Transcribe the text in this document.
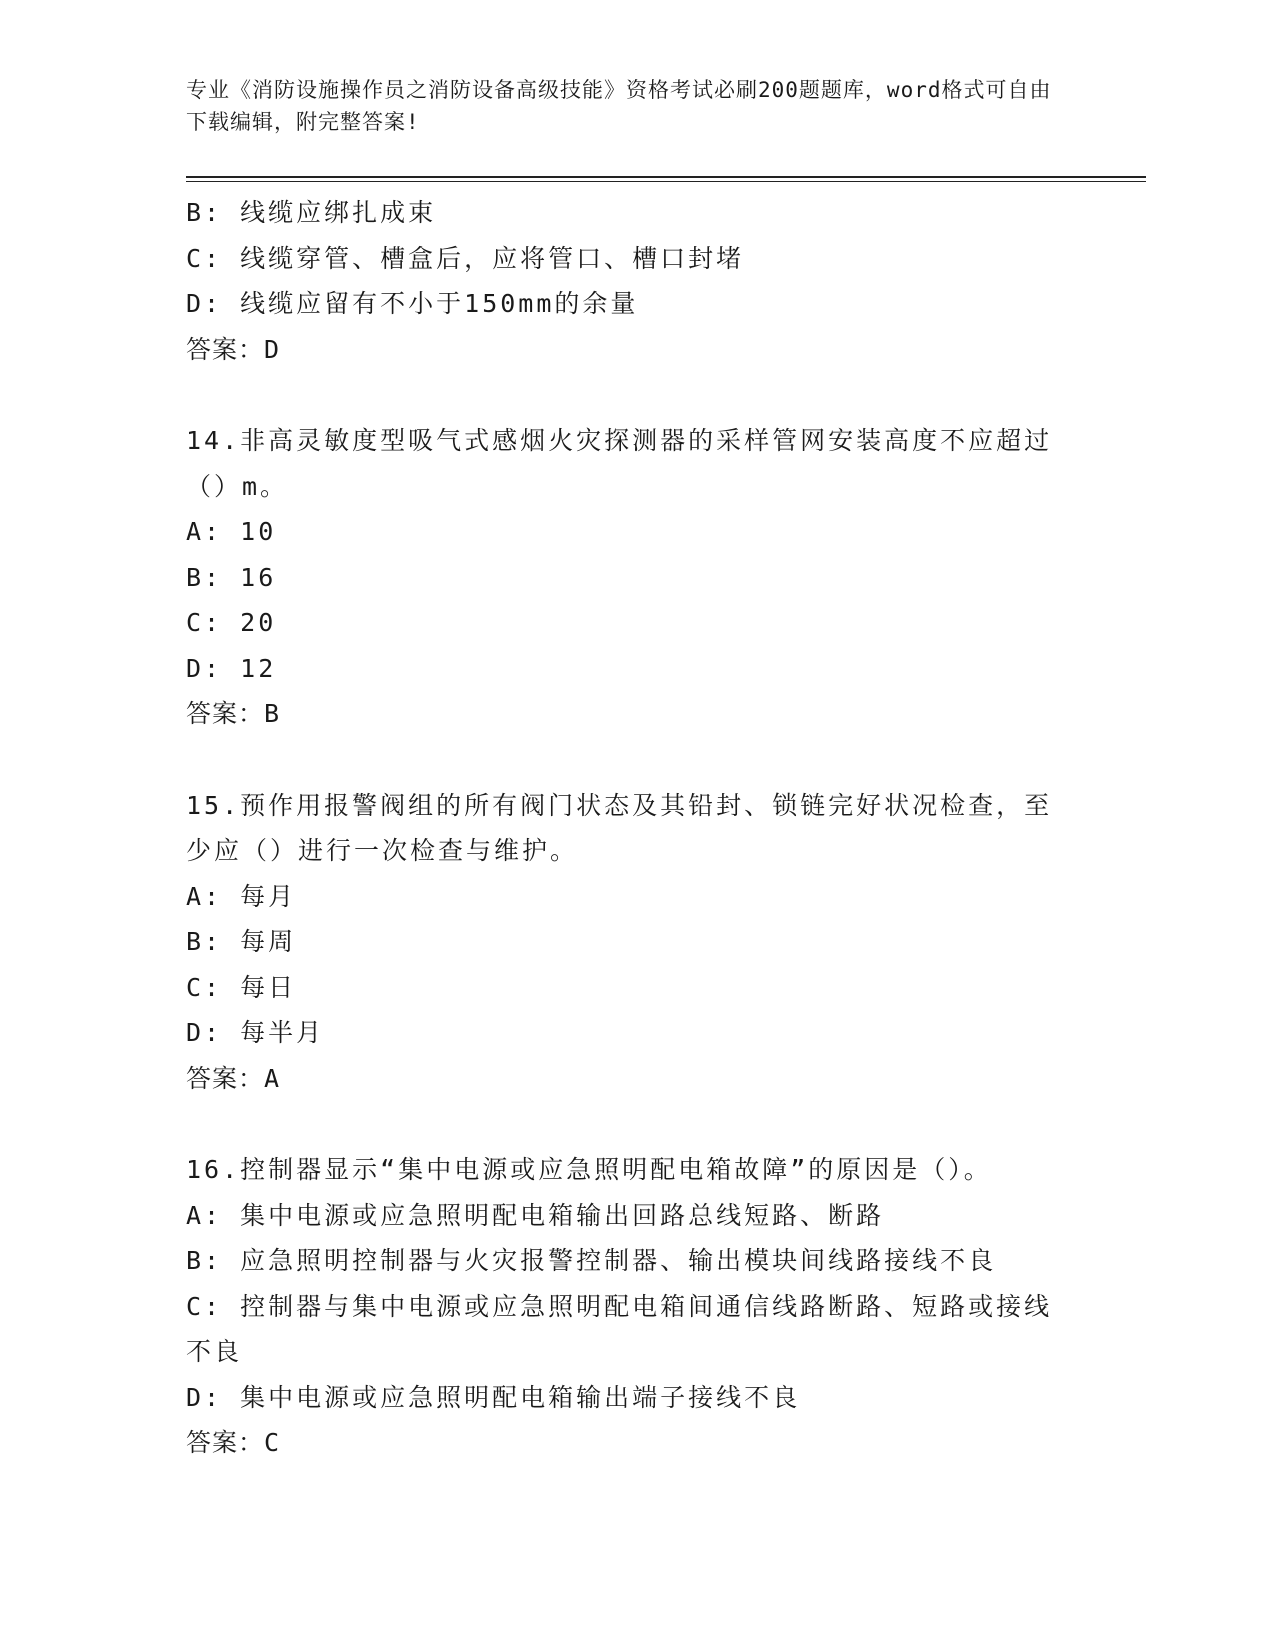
专业《消防设施操作员之消防设备高级技能》资格考试必刷200题题库，word格式可自由下载编辑，附完整答案!

B: 线缆应绑扎成束

C: 线缆穿管、槽盒后，应将管口、槽口封堵

D: 线缆应留有不小于150mm的余量

答案：D

14.非高灵敏度型吸气式感烟火灾探测器的采样管网安装高度不应超过（）m。

A: 10

B: 16

C: 20

D: 12

答案：B

15.预作用报警阀组的所有阀门状态及其铅封、锁链完好状况检查，至少应（）进行一次检查与维护。

A: 每月

B: 每周

C: 每日

D: 每半月

答案：A

16.控制器显示“集中电源或应急照明配电箱故障”的原因是（）。

A: 集中电源或应急照明配电箱输出回路总线短路、断路

B: 应急照明控制器与火灾报警控制器、输出模块间线路接线不良

C: 控制器与集中电源或应急照明配电箱间通信线路断路、短路或接线不良

D: 集中电源或应急照明配电箱输出端子接线不良

答案：C
